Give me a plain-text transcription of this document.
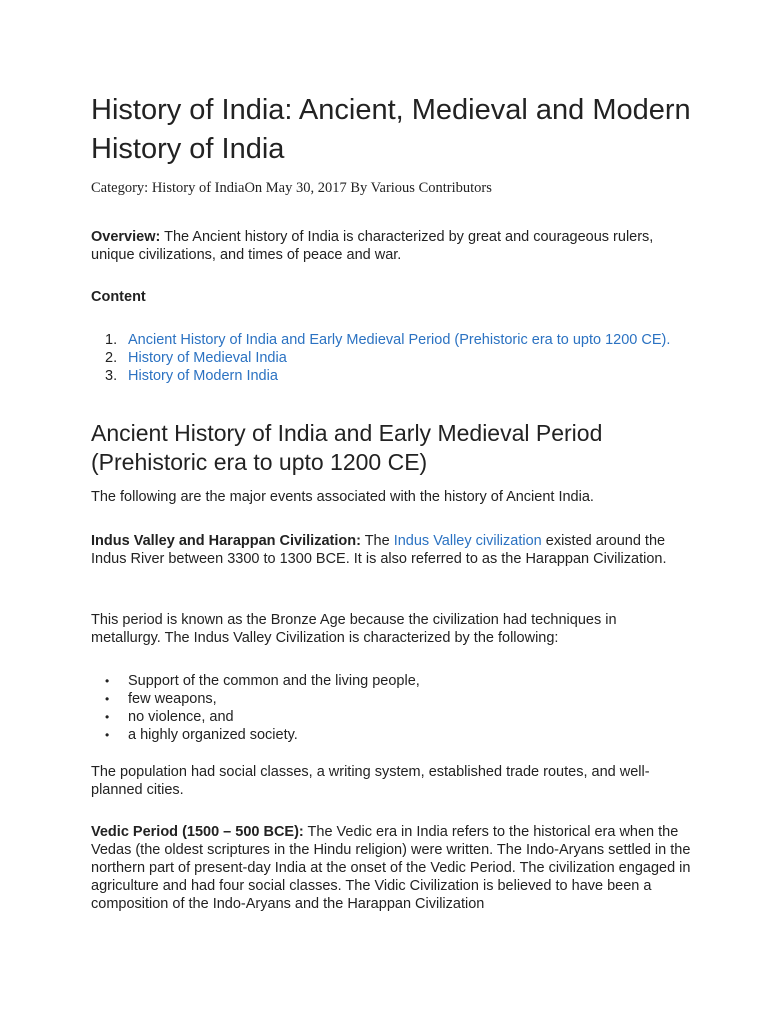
History of India: Ancient, Medieval and Modern History of India
Category: History of IndiaOn May 30, 2017 By Various Contributors

Overview: The Ancient history of India is characterized by great and courageous rulers, unique civilizations, and times of peace and war.

Content

1. Ancient History of India and Early Medieval Period (Prehistoric era to upto 1200 CE).
2. History of Medieval India
3. History of Modern India
Ancient History of India and Early Medieval Period (Prehistoric era to upto 1200 CE)

The following are the major events associated with the history of Ancient India.

Indus Valley and Harappan Civilization: The Indus Valley civilization existed around the Indus River between 3300 to 1300 BCE. It is also referred to as the Harappan Civilization.

This period is known as the Bronze Age because the civilization had techniques in metallurgy. The Indus Valley Civilization is characterized by the following:

• Support of the common and the living people,
• few weapons,
• no violence, and
• a highly organized society.

The population had social classes, a writing system, established trade routes, and well-planned cities.

Vedic Period (1500 – 500 BCE): The Vedic era in India refers to the historical era when the Vedas (the oldest scriptures in the Hindu religion) were written. The Indo-Aryans settled in the northern part of present-day India at the onset of the Vedic Period. The civilization engaged in agriculture and had four social classes. The Vidic Civilization is believed to have been a composition of the Indo-Aryans and the Harappan Civilization
